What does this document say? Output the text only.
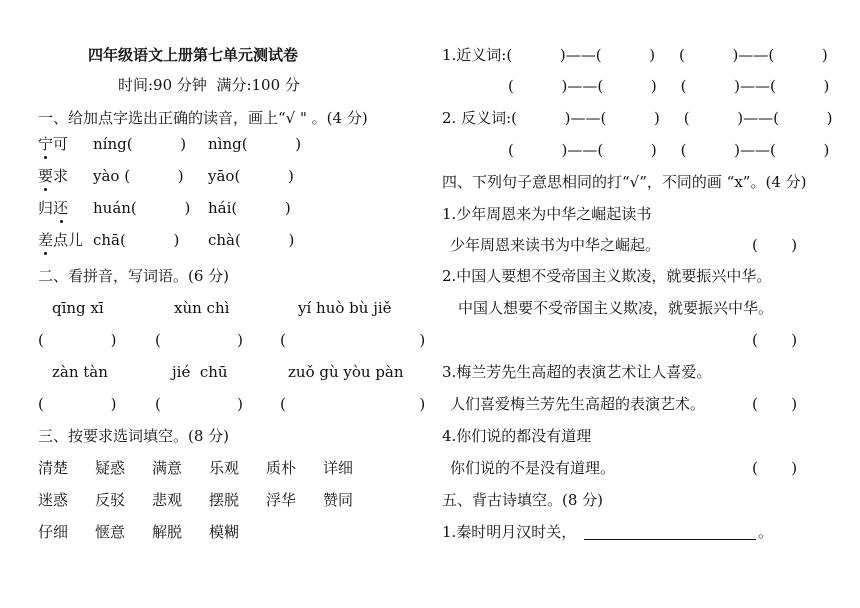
四年级语文上册第七单元测试卷
时间:90 分钟  满分:100 分
一、给加点字选出正确的读音，画上“√ " 。(4 分)
宁可 níng(          ) nìng(          )
要求 yào (          ) yāo(          )
归还 huán(          ) hái(          )
差点儿 chā(          ) chà(          )
二、看拼音，写词语。(6 分)
qīng xī	xùn chì	yí huò bù jiě
(              )	(                ) (                            )
zàn tàn	jié  chū	zuǒ gù yòu pàn
(              )	(                ) (                            )
三、按要求选词填空。(8 分)
清楚 疑惑 满意 乐观 质朴 详细
迷惑 反驳 悲观 摆脱 浮华 赞同
仔细 惬意 解脱 模糊
1.近义词:(          )——(          )     (          )——(          )
(          )——(          )     (          )——(          )
2. 反义词:(          )——(          )     (          )——(          )
(          )——(          )     (          )——(          )
四、下列句子意思相同的打“√”，不同的画 “x”。(4 分)
1.少年周恩来为中华之崛起读书
少年周恩来读书为中华之崛起。	(       )
2.中国人要想不受帝国主义欺凌，就要振兴中华。
中国人想要不受帝国主义欺凌，就要振兴中华。
(       )
3.梅兰芳先生高超的表演艺术让人喜爱。
人们喜爱梅兰芳先生高超的表演艺术。	(       )
4.你们说的都没有道理
你们说的不是没有道理。	(       )
五、背古诗填空。(8 分)
1.秦时明月汉时关，	。
